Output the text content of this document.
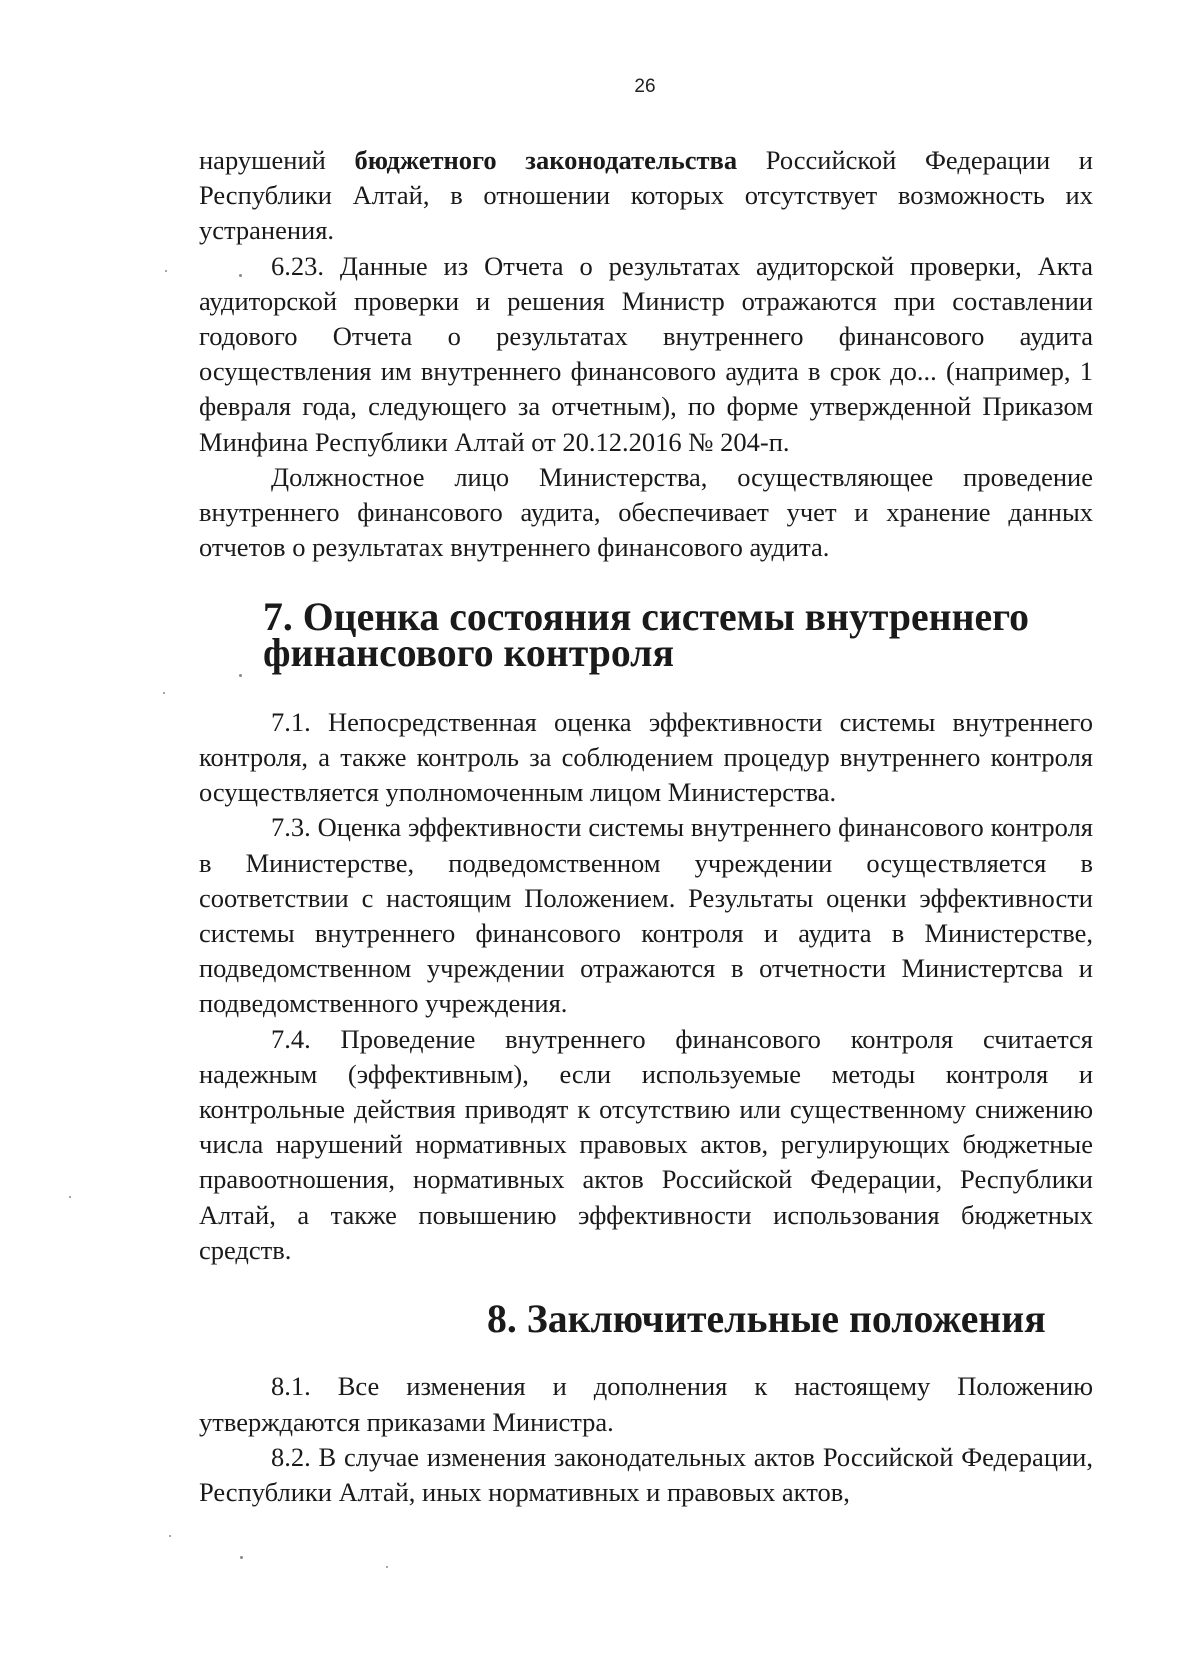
26

нарушений бюджетного законодательства Российской Федерации и Республики Алтай, в отношении которых отсутствует возможность их устранения.

6.23. Данные из Отчета о результатах аудиторской проверки, Акта аудиторской проверки и решения Министр отражаются при составлении годового Отчета о результатах внутреннего финансового аудита осуществления им внутреннего финансового аудита в срок до... (например, 1 февраля года, следующего за отчетным), по форме утвержденной Приказом Минфина Республики Алтай от 20.12.2016 № 204-п.

Должностное лицо Министерства, осуществляющее проведение внутреннего финансового аудита, обеспечивает учет и хранение данных отчетов о результатах внутреннего финансового аудита.

7. Оценка состояния системы внутреннего финансового контроля

7.1. Непосредственная оценка эффективности системы внутреннего контроля, а также контроль за соблюдением процедур внутреннего контроля осуществляется уполномоченным лицом Министерства.

7.3. Оценка эффективности системы внутреннего финансового контроля в Министерстве, подведомственном учреждении осуществляется в соответствии с настоящим Положением. Результаты оценки эффективности системы внутреннего финансового контроля и аудита в Министерстве, подведомственном учреждении отражаются в отчетности Министертсва и подведомственного учреждения.

7.4. Проведение внутреннего финансового контроля считается надежным (эффективным), если используемые методы контроля и контрольные действия приводят к отсутствию или существенному снижению числа нарушений нормативных правовых актов, регулирующих бюджетные правоотношения, нормативных актов Российской Федерации, Республики Алтай, а также повышению эффективности использования бюджетных средств.

8. Заключительные положения

8.1. Все изменения и дополнения к настоящему Положению утверждаются приказами Министра.

8.2. В случае изменения законодательных актов Российской Федерации, Республики Алтай, иных нормативных и правовых актов,
